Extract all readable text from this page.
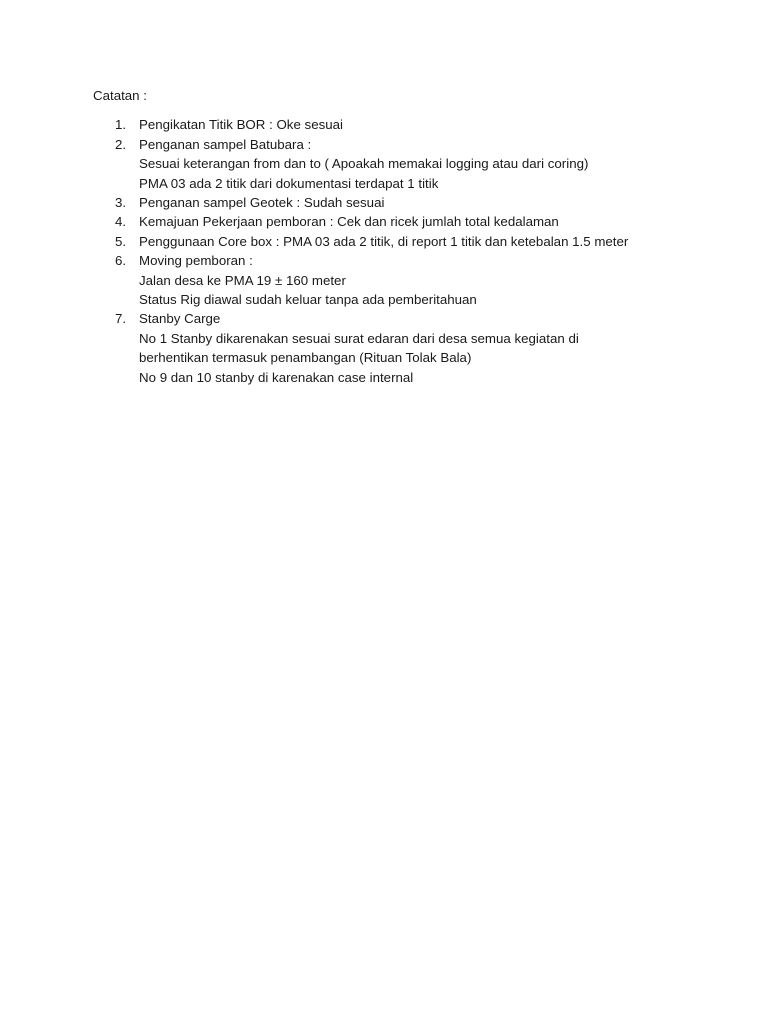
Catatan :

1. Pengikatan Titik BOR : Oke sesuai
2. Penganan sampel Batubara :
Sesuai keterangan from dan to ( Apoakah memakai logging atau dari coring)
PMA 03 ada 2 titik dari dokumentasi terdapat 1 titik
3. Penganan sampel Geotek : Sudah sesuai
4. Kemajuan Pekerjaan pemboran : Cek dan ricek jumlah total kedalaman
5. Penggunaan Core box : PMA 03 ada 2 titik, di report 1 titik dan ketebalan 1.5 meter
6. Moving pemboran :
Jalan desa ke PMA 19 ± 160 meter
Status Rig diawal sudah keluar tanpa ada pemberitahuan
7. Stanby Carge
No 1 Stanby dikarenakan sesuai surat edaran dari desa semua kegiatan di
berhentikan termasuk penambangan (Rituan Tolak Bala)
No 9 dan 10 stanby di karenakan case internal
